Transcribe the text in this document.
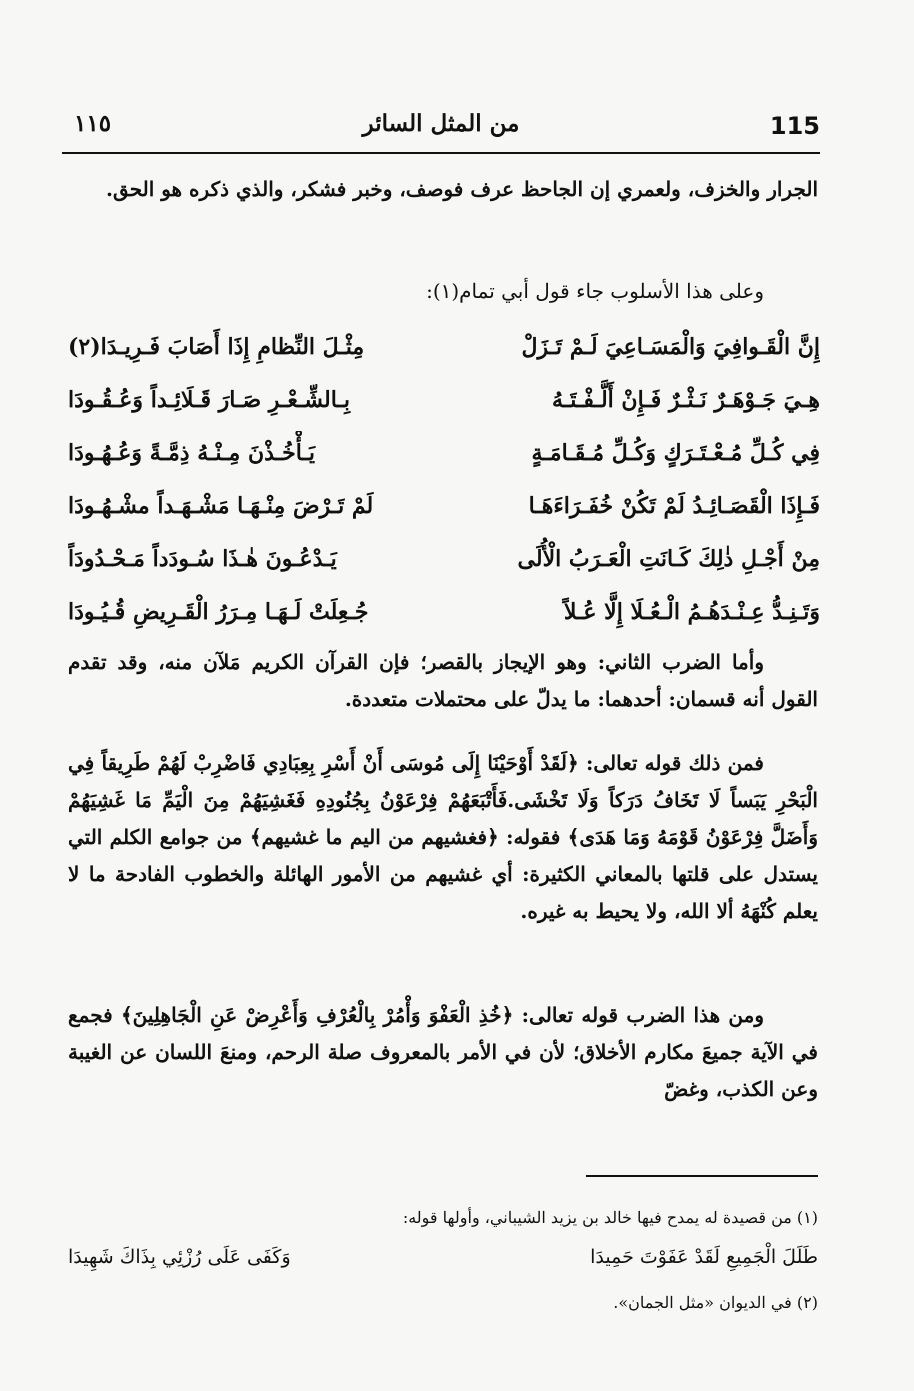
115
من المثل السائر
١١٥
الجرار والخزف، ولعمري إن الجاحظ عرف فوصف، وخبر فشكر، والذي ذكره هو الحق.
وعلى هذا الأسلوب جاء قول أبي تمام(١):
إِنَّ الْقَـوافِيَ وَالْمَسَـاعِيَ لَـمْ تَـزَلْ
مِثْـلَ النِّظامِ إِذَا أَصَابَ فَـرِيـدَا(٢)
هِـيَ جَـوْهَـرٌ نَـثْـرٌ فَـإِنْ أَلَّـفْـتَـهُ
بِـالشِّـعْـرِ صَـارَ قَـلَائِـداً وَعُـقُـودَا
فِي كُـلِّ مُـعْـتَـرَكٍ وَكُـلِّ مُـقَـامَـةٍ
يَـأْخُـذْنَ مِـنْـهُ ذِمَّـةً وَعُـهُـودَا
فَـإِذَا الْقَصَـائِـدُ لَمْ تَكُنْ خُفَـرَاءَهَـا
لَمْ تَـرْضَ مِنْـهَـا مَشْـهَـداً مشْـهُـودَا
مِنْ أَجْـلِ ذٰلِكَ كَـانَتِ الْعَـرَبُ الْأُلَى
يَـدْعُـونَ هٰـذَا سُـودَداً مَـحْـدُودَاً
وَتَـنِـدُّ عِـنْـدَهُـمُ الْـعُـلَا إِلَّا عُـلاً
جُـعِلَتْ لَـهَـا مِـرَرُ الْقَـرِيضِ قُـيُـودَا
وأما الضرب الثاني: وهو الإيجاز بالقصر؛ فإن القرآن الكريم مَلآن منه، وقد تقدم القول أنه قسمان: أحدهما: ما يدلّ على محتملات متعددة.
فمن ذلك قوله تعالى: ﴿لَقَدْ أَوْحَيْنَا إِلَى مُوسَى أَنْ أَسْرِ بِعِبَادِي فَاضْرِبْ لَهُمْ طَرِيقاً فِي الْبَحْرِ يَبَساً لَا تَخَافُ دَرَكاً وَلَا تَخْشَى.فَأَتْبَعَهُمْ فِرْعَوْنُ بِجُنُودِهِ فَغَشِيَهُمْ مِنَ الْيَمِّ مَا غَشِيَهُمْ وَأَضَلَّ فِرْعَوْنُ قَوْمَهُ وَمَا هَدَى﴾ فقوله: ﴿فغشيهم من اليم ما غشيهم﴾ من جوامع الكلم التي يستدل على قلتها بالمعاني الكثيرة: أي غشيهم من الأمور الهائلة والخطوب الفادحة ما لا يعلم كُنْهَهُ ألا الله، ولا يحيط به غيره.
ومن هذا الضرب قوله تعالى: ﴿خُذِ الْعَفْوَ وَأْمُرْ بِالْعُرْفِ وَأَعْرِضْ عَنِ الْجَاهِلِينَ﴾ فجمع في الآية جميعَ مكارم الأخلاق؛ لأن في الأمر بالمعروف صلة الرحم، ومنعَ اللسان عن الغيبة وعن الكذب، وغضّ
(١) من قصيدة له يمدح فيها خالد بن يزيد الشيباني، وأولها قوله:
طَلَلَ الْجَمِيعِ لَقَدْ عَفَوْتَ حَمِيدَا
وَكَفَى عَلَى رُزْئِي بِذَاكَ شَهِيدَا
(٢) في الديوان «مثل الجمان».
